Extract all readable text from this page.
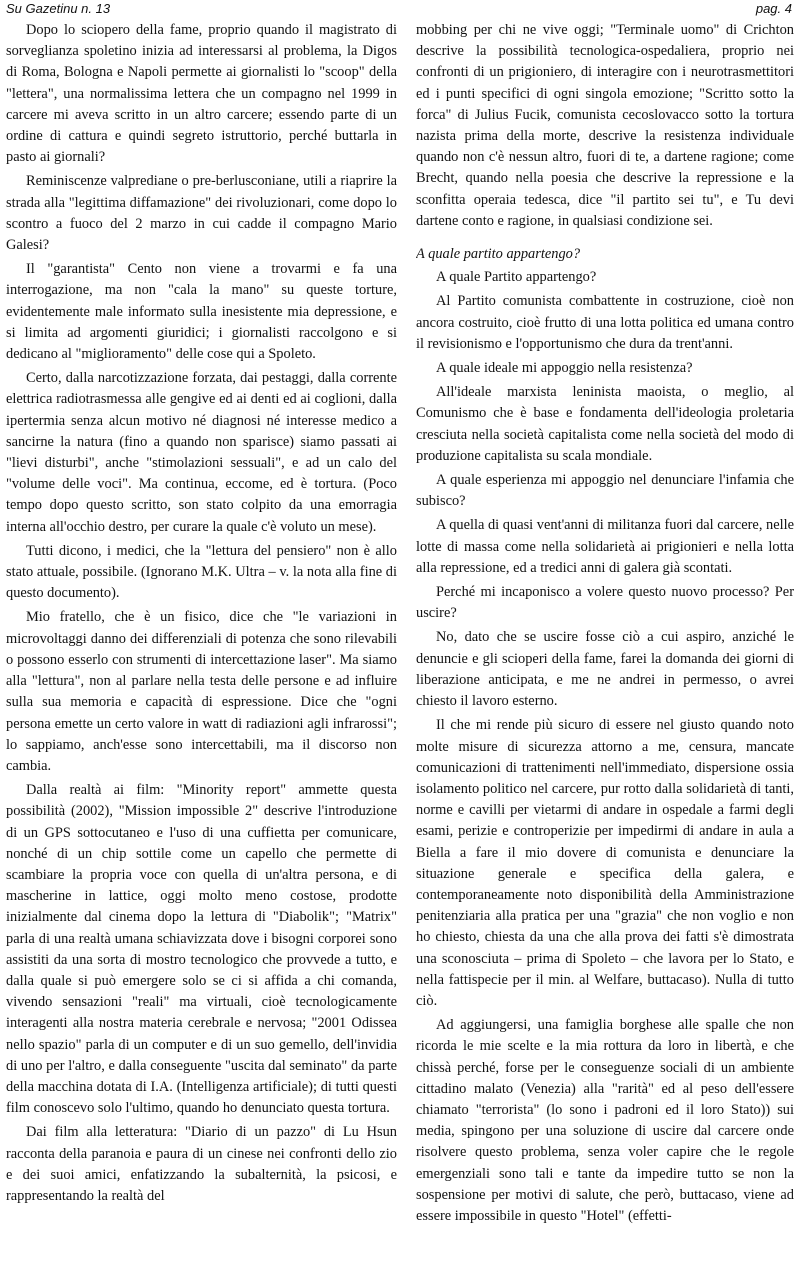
Su Gazetinu n. 13	pag. 4

Dopo lo sciopero della fame, proprio quando il magistrato di sorveglianza spoletino inizia ad interessarsi al problema, la Digos di Roma, Bologna e Napoli permette ai giornalisti lo "scoop" della "lettera", una normalissima lettera che un compagno nel 1999 in carcere mi aveva scritto in un altro carcere; essendo parte di un ordine di cattura e quindi segreto istruttorio, perché buttarla in pasto ai giornali?

Reminiscenze valprediane o pre-berlusconiane, utili a riaprire la strada alla "legittima diffamazione" dei rivoluzionari, come dopo lo scontro a fuoco del 2 marzo in cui cadde il compagno Mario Galesi?

Il "garantista" Cento non viene a trovarmi e fa una interrogazione, ma non "cala la mano" su queste torture, evidentemente male informato sulla inesistente mia depressione, e si limita ad argomenti giuridici; i giornalisti raccolgono e si dedicano al "miglioramento" delle cose qui a Spoleto.

Certo, dalla narcotizzazione forzata, dai pestaggi, dalla corrente elettrica radiotrasmessa alle gengive ed ai denti ed ai coglioni, dalla ipertermia senza alcun motivo né diagnosi né interesse medico a sancirne la natura (fino a quando non sparisce) siamo passati ai "lievi disturbi", anche "stimolazioni sessuali", e ad un calo del "volume delle voci". Ma continua, eccome, ed è tortura. (Poco tempo dopo questo scritto, son stato colpito da una emorragia interna all'occhio destro, per curare la quale c'è voluto un mese).

Tutti dicono, i medici, che la "lettura del pensiero" non è allo stato attuale, possibile. (Ignorano M.K. Ultra – v. la nota alla fine di questo documento).

Mio fratello, che è un fisico, dice che "le variazioni in microvoltaggi danno dei differenziali di potenza che sono rilevabili o possono esserlo con strumenti di intercettazione laser". Ma siamo alla "lettura", non al parlare nella testa delle persone e ad influire sulla sua memoria e capacità di espressione. Dice che "ogni persona emette un certo valore in watt di radiazioni agli infrarossi"; lo sappiamo, anch'esse sono intercettabili, ma il discorso non cambia.

Dalla realtà ai film: "Minority report" ammette questa possibilità (2002), "Mission impossible 2" descrive l'introduzione di un GPS sottocutaneo e l'uso di una cuffietta per comunicare, nonché di un chip sottile come un capello che permette di scambiare la propria voce con quella di un'altra persona, e di mascherine in lattice, oggi molto meno costose, prodotte inizialmente dal cinema dopo la lettura di "Diabolik"; "Matrix" parla di una realtà umana schiavizzata dove i bisogni corporei sono assistiti da una sorta di mostro tecnologico che provvede a tutto, e dalla quale si può emergere solo se ci si affida a chi comanda, vivendo sensazioni "reali" ma virtuali, cioè tecnologicamente interagenti alla nostra materia cerebrale e nervosa; "2001 Odissea nello spazio" parla di un computer e di un suo gemello, dell'invidia di uno per l'altro, e dalla conseguente "uscita dal seminato" da parte della macchina dotata di I.A. (Intelligenza artificiale); di tutti questi film conoscevo solo l'ultimo, quando ho denunciato questa tortura.

Dai film alla letteratura: "Diario di un pazzo" di Lu Hsun racconta della paranoia e paura di un cinese nei confronti dello zio e dei suoi amici, enfatizzando la subalternità, la psicosi, e rappresentando la realtà del

mobbing per chi ne vive oggi; "Terminale uomo" di Crichton descrive la possibilità tecnologica-ospedaliera, proprio nei confronti di un prigioniero, di interagire con i neurotrasmettitori ed i punti specifici di ogni singola emozione; "Scritto sotto la forca" di Julius Fucik, comunista cecoslovacco sotto la tortura nazista prima della morte, descrive la resistenza individuale quando non c'è nessun altro, fuori di te, a dartene ragione; come Brecht, quando nella poesia che descrive la repressione e la sconfitta operaia tedesca, dice "il partito sei tu", e Tu devi dartene conto e ragione, in qualsiasi condizione sei.

A quale partito appartengo?

A quale Partito appartengo?

Al Partito comunista combattente in costruzione, cioè non ancora costruito, cioè frutto di una lotta politica ed umana contro il revisionismo e l'opportunismo che dura da trent'anni.

A quale ideale mi appoggio nella resistenza?

All'ideale marxista leninista maoista, o meglio, al Comunismo che è base e fondamenta dell'ideologia proletaria cresciuta nella società capitalista come nella società del modo di produzione capitalista su scala mondiale.

A quale esperienza mi appoggio nel denunciare l'infamia che subisco?

A quella di quasi vent'anni di militanza fuori dal carcere, nelle lotte di massa come nella solidarietà ai prigionieri e nella lotta alla repressione, ed a tredici anni di galera già scontati.

Perché mi incaponisco a volere questo nuovo processo? Per uscire?

No, dato che se uscire fosse ciò a cui aspiro, anziché le denuncie e gli scioperi della fame, farei la domanda dei giorni di liberazione anticipata, e me ne andrei in permesso, o avrei chiesto il lavoro esterno.

Il che mi rende più sicuro di essere nel giusto quando noto molte misure di sicurezza attorno a me, censura, mancate comunicazioni di trattenimenti nell'immediato, dispersione ossia isolamento politico nel carcere, pur rotto dalla solidarietà di tanti, norme e cavilli per vietarmi di andare in ospedale a farmi degli esami, perizie e controperizie per impedirmi di andare in aula a Biella a fare il mio dovere di comunista e denunciare la situazione generale e specifica della galera, e contemporaneamente noto disponibilità della Amministrazione penitenziaria alla pratica per una "grazia" che non voglio e non ho chiesto, chiesta da una che alla prova dei fatti s'è dimostrata una sconosciuta – prima di Spoleto – che lavora per lo Stato, e nella fattispecie per il min. al Welfare, buttacaso). Nulla di tutto ciò.

Ad aggiungersi, una famiglia borghese alle spalle che non ricorda le mie scelte e la mia rottura da loro in libertà, e che chissà perché, forse per le conseguenze sociali di un ambiente cittadino malato (Venezia) alla "rarità" ed al peso dell'essere chiamato "terrorista" (lo sono i padroni ed il loro Stato)) sui media, spingono per una soluzione di uscire dal carcere onde risolvere questo problema, senza voler capire che le regole emergenziali sono tali e tante da impedire tutto se non la sospensione per motivi di salute, che però, buttacaso, viene ad essere impossibile in questo "Hotel" (effetti-
